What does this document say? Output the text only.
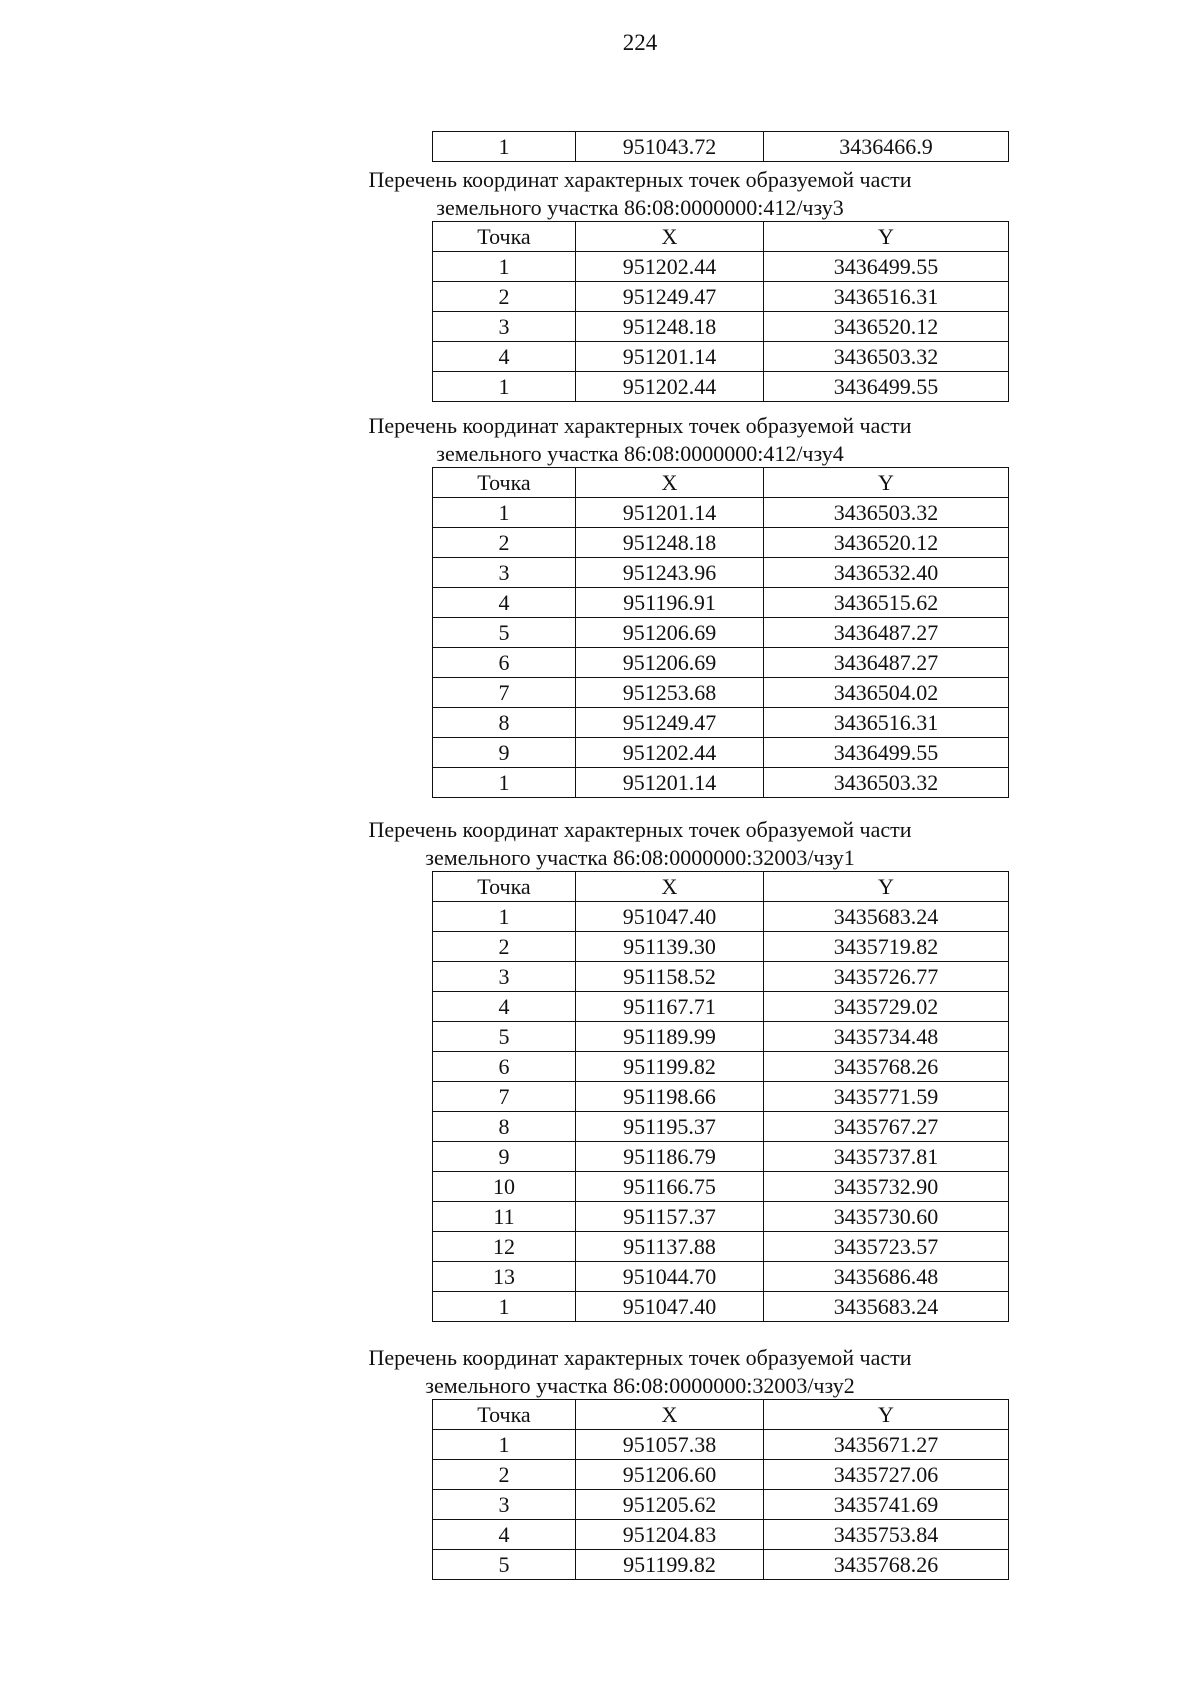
224
1	951043.72	3436466.9
Перечень координат характерных точек образуемой части
земельного участка 86:08:0000000:412/чзу3
Точка	X	Y
1	951202.44	3436499.55
2	951249.47	3436516.31
3	951248.18	3436520.12
4	951201.14	3436503.32
1	951202.44	3436499.55
Перечень координат характерных точек образуемой части
земельного участка 86:08:0000000:412/чзу4
Точка	X	Y
1	951201.14	3436503.32
2	951248.18	3436520.12
3	951243.96	3436532.40
4	951196.91	3436515.62
5	951206.69	3436487.27
6	951206.69	3436487.27
7	951253.68	3436504.02
8	951249.47	3436516.31
9	951202.44	3436499.55
1	951201.14	3436503.32
Перечень координат характерных точек образуемой части
земельного участка 86:08:0000000:32003/чзу1
Точка	X	Y
1	951047.40	3435683.24
2	951139.30	3435719.82
3	951158.52	3435726.77
4	951167.71	3435729.02
5	951189.99	3435734.48
6	951199.82	3435768.26
7	951198.66	3435771.59
8	951195.37	3435767.27
9	951186.79	3435737.81
10	951166.75	3435732.90
11	951157.37	3435730.60
12	951137.88	3435723.57
13	951044.70	3435686.48
1	951047.40	3435683.24
Перечень координат характерных точек образуемой части
земельного участка 86:08:0000000:32003/чзу2
Точка	X	Y
1	951057.38	3435671.27
2	951206.60	3435727.06
3	951205.62	3435741.69
4	951204.83	3435753.84
5	951199.82	3435768.26
